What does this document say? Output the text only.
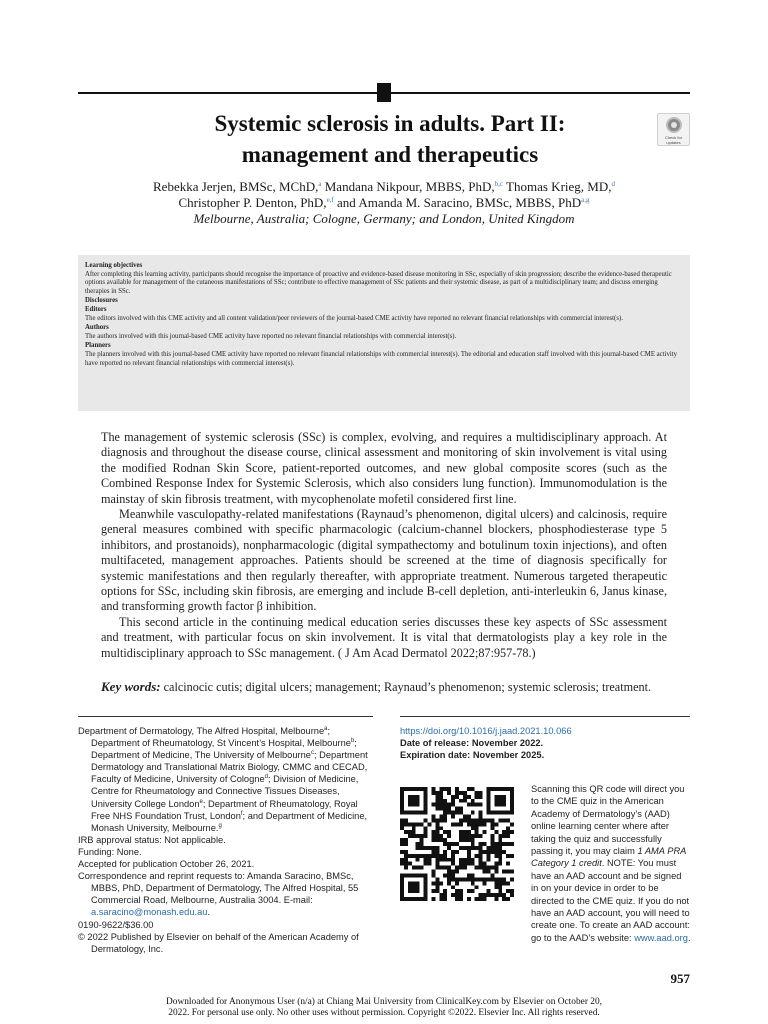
Systemic sclerosis in adults. Part II:
management and therapeutics
Check for
updates
Rebekka Jerjen, BMSc, MChD,$^a$ Mandana Nikpour, MBBS, PhD,$^{b,c}$ Thomas Krieg, MD,$^d$
Christopher P. Denton, PhD,$^{e,f}$ and Amanda M. Saracino, BMSc, MBBS, PhD$^{a,g}$
Melbourne, Australia; Cologne, Germany; and London, United Kingdom

Learning objectives

After completing this learning activity, participants should recognise the importance of proactive and evidence-based disease monitoring in SSc, especially of skin progression; describe the evidence-based therapeutic options available for management of the cutaneous manifestations of SSc; contribute to effective management of SSc patients and their systemic disease, as part of a multidisciplinary team; and discuss emerging therapies in SSc.

Disclosures

Editors

The editors involved with this CME activity and all content validation/peer reviewers of the journal-based CME activity have reported no relevant financial relationships with commercial interest(s).

Authors

The authors involved with this journal-based CME activity have reported no relevant financial relationships with commercial interest(s).

Planners

The planners involved with this journal-based CME activity have reported no relevant financial relationships with commercial interest(s). The editorial and education staff involved with this journal-based CME activity have reported no relevant financial relationships with commercial interest(s).

The management of systemic sclerosis (SSc) is complex, evolving, and requires a multidisciplinary approach. At diagnosis and throughout the disease course, clinical assessment and monitoring of skin involvement is vital using the modified Rodnan Skin Score, patient-reported outcomes, and new global composite scores (such as the Combined Response Index for Systemic Sclerosis, which also considers lung function). Immunomodulation is the mainstay of skin fibrosis treatment, with mycophenolate mofetil considered first line.

Meanwhile vasculopathy-related manifestations (Raynaud’s phenomenon, digital ulcers) and calcinosis, require general measures combined with specific pharmacologic (calcium-channel blockers, phosphodiesterase type 5 inhibitors, and prostanoids), nonpharmacologic (digital sympathectomy and botulinum toxin injections), and often multifaceted, management approaches. Patients should be screened at the time of diagnosis specifically for systemic manifestations and then regularly thereafter, with appropriate treatment. Numerous targeted therapeutic options for SSc, including skin fibrosis, are emerging and include B-cell depletion, anti-interleukin 6, Janus kinase, and transforming growth factor β inhibition.

This second article in the continuing medical education series discusses these key aspects of SSc assessment and treatment, with particular focus on skin involvement. It is vital that dermatologists play a key role in the multidisciplinary approach to SSc management. ( J Am Acad Dermatol 2022;87:957-78.)

Key words: calcinocic cutis; digital ulcers; management; Raynaud’s phenomenon; systemic sclerosis; treatment.

Department of Dermatology, The Alfred Hospital, Melbourne$^a$; Department of Rheumatology, St Vincent’s Hospital, Melbourne$^b$; Department of Medicine, The University of Melbourne$^c$; Department Dermatology and Translational Matrix Biology, CMMC and CECAD, Faculty of Medicine, University of Cologne$^d$; Division of Medicine, Centre for Rheumatology and Connective Tissues Diseases, University College London$^e$; Department of Rheumatology, Royal Free NHS Foundation Trust, London$^f$; and Department of Medicine, Monash University, Melbourne.$^g$

IRB approval status: Not applicable.

Funding: None.

Accepted for publication October 26, 2021.

Correspondence and reprint requests to: Amanda Saracino, BMSc, MBBS, PhD, Department of Dermatology, The Alfred Hospital, 55 Commercial Road, Melbourne, Australia 3004. E-mail: a.saracino@monash.edu.au.

0190-9622/$36.00

© 2022 Published by Elsevier on behalf of the American Academy of Dermatology, Inc.

https://doi.org/10.1016/j.jaad.2021.10.066
Date of release: November 2022.
Expiration date: November 2025.
Scanning this QR code will direct you to the CME quiz in the American Academy of Dermatology’s (AAD) online learning center where after taking the quiz and successfully passing it, you may claim 1 AMA PRA Category 1 credit. NOTE: You must have an AAD account and be signed in on your device in order to be directed to the CME quiz. If you do not have an AAD account, you will need to create one. To create an AAD account: go to the AAD’s website: www.aad.org.
957
Downloaded for Anonymous User (n/a) at Chiang Mai University from ClinicalKey.com by Elsevier on October 20,
2022. For personal use only. No other uses without permission. Copyright ©2022. Elsevier Inc. All rights reserved.
